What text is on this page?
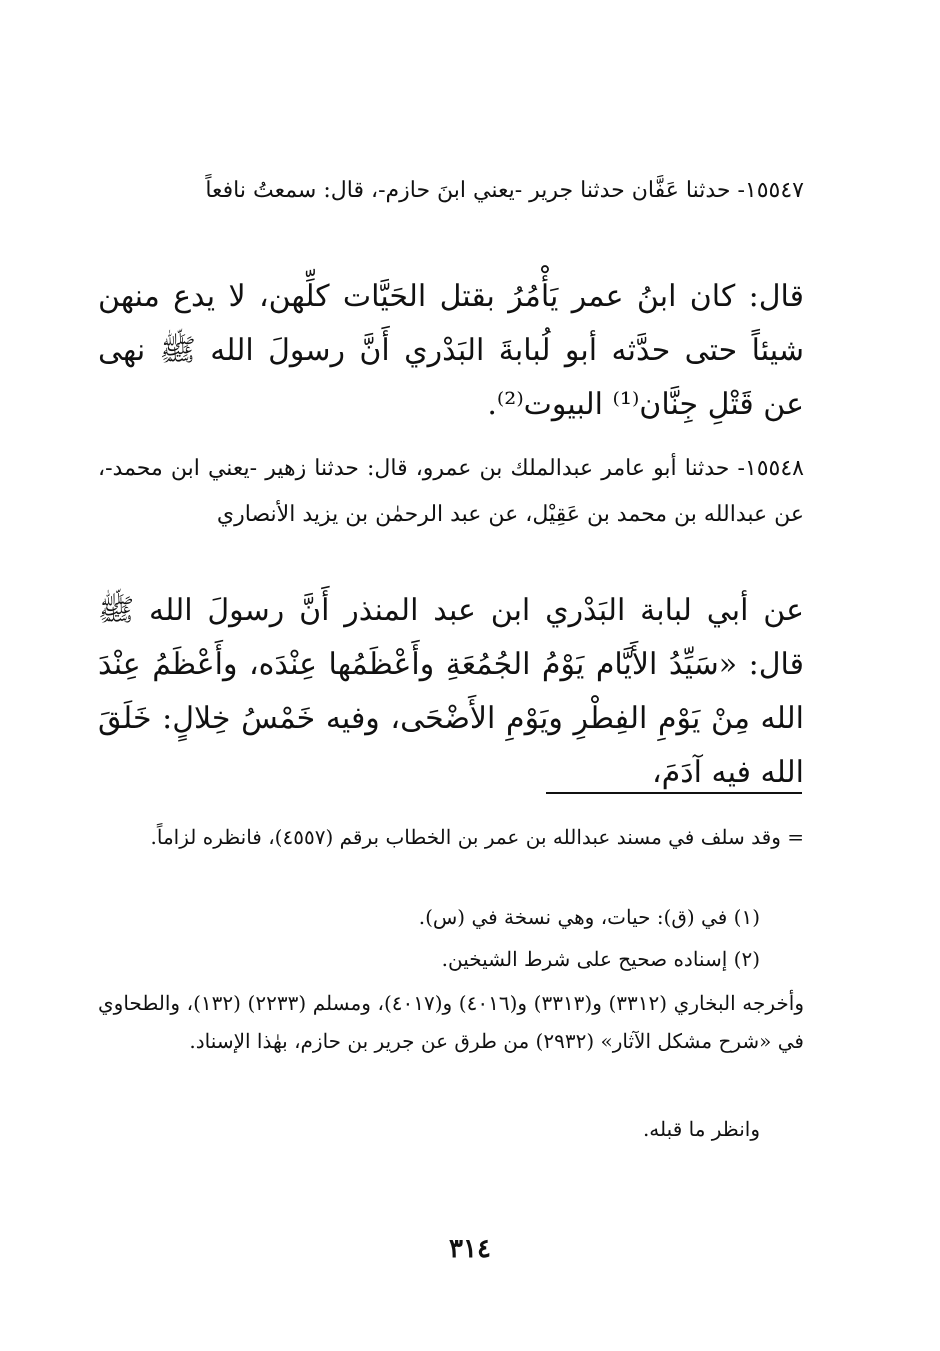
١٥٥٤٧- حدثنا عَفَّان حدثنا جرير -يعني ابنَ حازم-، قال: سمعتُ نافعاً
قال: كان ابنُ عمر يَأْمُرُ بقتل الحَيَّات كلِّهن، لا يدع منهن شيئاً حتى حدَّثه أبو لُبابةَ البَدْري أَنَّ رسولَ الله ﷺ نهى عن قَتْلِ جِنَّان⁽¹⁾ البيوت⁽²⁾.
١٥٥٤٨- حدثنا أبو عامر عبدالملك بن عمرو، قال: حدثنا زهير -يعني ابن محمد-، عن عبدالله بن محمد بن عَقِيْل، عن عبد الرحمٰن بن يزيد الأنصاري
عن أبي لبابة البَدْري ابن عبد المنذر أَنَّ رسولَ الله ﷺ قال: «سَيِّدُ الأَيَّام يَوْمُ الجُمُعَةِ وأَعْظَمُها عِنْدَه، وأَعْظَمُ عِنْدَ الله مِنْ يَوْمِ الفِطْرِ ويَوْمِ الأَضْحَى، وفيه خَمْسُ خِلالٍ: خَلَقَ الله فيه آدَمَ،
= وقد سلف في مسند عبدالله بن عمر بن الخطاب برقم (٤٥٥٧)، فانظره لزاماً.
(١) في (ق): حيات، وهي نسخة في (س).
(٢) إسناده صحيح على شرط الشيخين.
وأخرجه البخاري (٣٣١٢) و(٣٣١٣) و(٤٠١٦) و(٤٠١٧)، ومسلم (٢٢٣٣) (١٣٢)، والطحاوي في «شرح مشكل الآثار» (٢٩٣٢) من طرق عن جرير بن حازم، بهٰذا الإسناد.
وانظر ما قبله.
٣١٤
